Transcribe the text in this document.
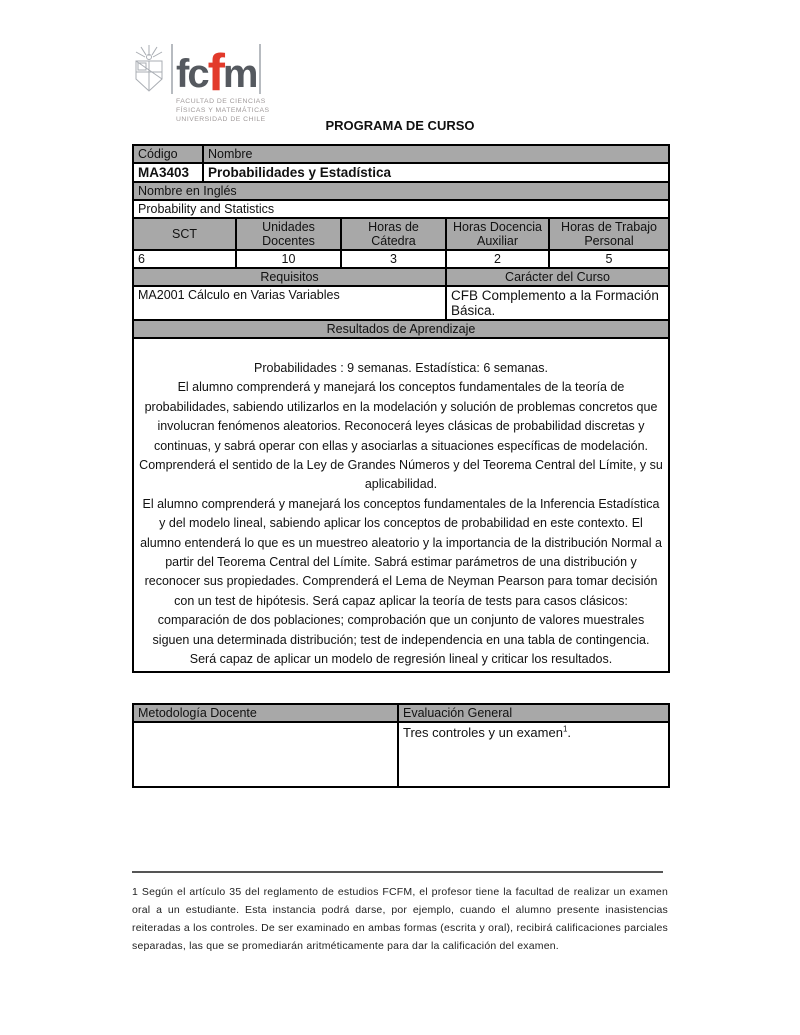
fcfm
FACULTAD DE CIENCIAS
FÍSICAS Y MATEMÁTICAS
UNIVERSIDAD DE CHILE	PROGRAMA DE CURSO
Código	Nombre
MA3403	Probabilidades y Estadística
Nombre en Inglés	
Probability and Statistics	
SCT	Unidades Docentes	Horas de Cátedra	Horas Docencia Auxiliar	Horas de Trabajo Personal
6	10	3	2	5
Requisitos	Carácter del Curso
MA2001 Cálculo en Varias Variables	CFB Complemento a la Formación Básica.
Resultados de Aprendizaje

Probabilidades : 9 semanas. Estadística: 6 semanas.

El alumno comprenderá y manejará los conceptos fundamentales de la teoría de probabilidades, sabiendo utilizarlos en la modelación y solución de problemas concretos que involucran fenómenos aleatorios. Reconocerá leyes clásicas de probabilidad discretas y continuas, y sabrá operar con ellas y asociarlas a situaciones específicas de modelación. Comprenderá el sentido de la Ley de Grandes Números y del Teorema Central del Límite, y su aplicabilidad.

El alumno comprenderá y manejará los conceptos fundamentales de la Inferencia Estadística y del modelo lineal, sabiendo aplicar los conceptos de probabilidad en este contexto. El alumno entenderá lo que es un muestreo aleatorio y la importancia de la distribución Normal a partir del Teorema Central del Límite. Sabrá estimar parámetros de una distribución y reconocer sus propiedades. Comprenderá el Lema de Neyman Pearson para tomar decisión con un test de hipótesis. Será capaz aplicar la teoría de tests para casos clásicos: comparación de dos poblaciones; comprobación que un conjunto de valores muestrales siguen una determinada distribución; test de independencia en una tabla de contingencia. Será capaz de aplicar un modelo de regresión lineal y criticar los resultados.

Metodología Docente	Evaluación General
	Tres controles y un examen$^1$.
1 Según el artículo 35 del reglamento de estudios FCFM, el profesor tiene la facultad de realizar un examen oral a un estudiante. Esta instancia podrá darse, por ejemplo, cuando el alumno presente inasistencias reiteradas a los controles. De ser examinado en ambas formas (escrita y oral), recibirá calificaciones parciales separadas, las que se promediarán aritméticamente para dar la calificación del examen.
